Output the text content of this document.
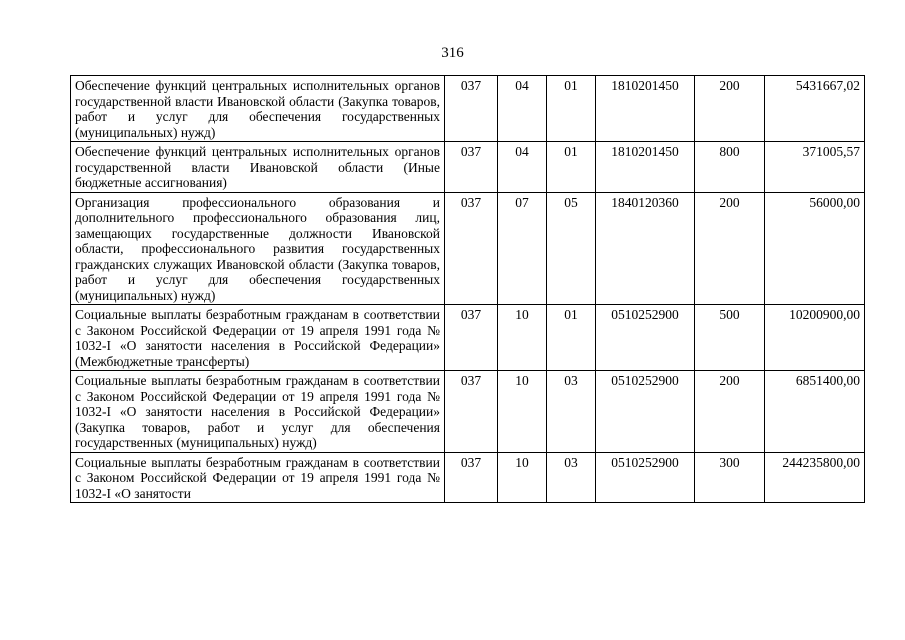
316
Обеспечение функций центральных исполнительных органов государственной власти Ивановской области (Закупка товаров, работ и услуг для обеспечения государственных (муниципальных) нужд)	037	04	01	1810201450	200	5431667,02
Обеспечение функций центральных исполнительных органов государственной власти Ивановской области (Иные бюджетные ассигнования)	037	04	01	1810201450	800	371005,57
Организация профессионального образования и дополнительного профессионального образования лиц, замещающих государственные должности Ивановской области, профессионального развития государственных гражданских служащих Ивановской области (Закупка товаров, работ и услуг для обеспечения государственных (муниципальных) нужд)	037	07	05	1840120360	200	56000,00
Социальные выплаты безработным гражданам в соответствии с Законом Российской Федерации от 19 апреля 1991 года № 1032-I «О занятости населения в Российской Федерации» (Межбюджетные трансферты)	037	10	01	0510252900	500	10200900,00
Социальные выплаты безработным гражданам в соответствии с Законом Российской Федерации от 19 апреля 1991 года № 1032-I «О занятости населения в Российской Федерации» (Закупка товаров, работ и услуг для обеспечения государственных (муниципальных) нужд)	037	10	03	0510252900	200	6851400,00
Социальные выплаты безработным гражданам в соответствии с Законом Российской Федерации от 19 апреля 1991 года № 1032-I «О занятости	037	10	03	0510252900	300	244235800,00
